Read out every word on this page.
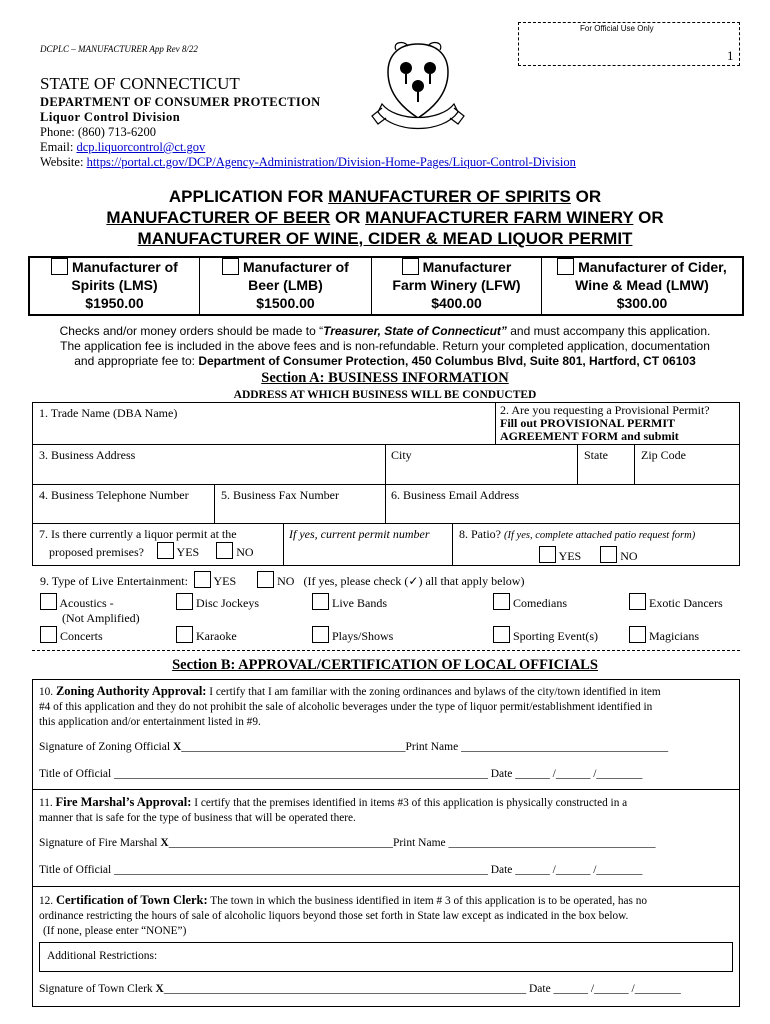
For Official Use Only
DCPLC – MANUFACTURER App Rev 8/22	1
STATE OF CONNECTICUT
DEPARTMENT OF CONSUMER PROTECTION
Liquor Control Division
Phone: (860) 713-6200
Email: dcp.liquorcontrol@ct.gov
Website: https://portal.ct.gov/DCP/Agency-Administration/Division-Home-Pages/Liquor-Control-Division
APPLICATION FOR MANUFACTURER OF SPIRITS OR
MANUFACTURER OF BEER OR MANUFACTURER FARM WINERY OR
MANUFACTURER OF WINE, CIDER & MEAD LIQUOR PERMIT
Manufacturer of
Spirits (LMS)
$1950.00
Manufacturer of
Beer (LMB)
$1500.00
Manufacturer
Farm Winery (LFW)
$400.00
Manufacturer of Cider,
Wine & Mead (LMW)
$300.00
Checks and/or money orders should be made to “Treasurer, State of Connecticut” and must accompany this application.
The application fee is included in the above fees and is non-refundable. Return your completed application, documentation
and appropriate fee to: Department of Consumer Protection, 450 Columbus Blvd, Suite 801, Hartford, CT 06103
Section A: BUSINESS INFORMATION
ADDRESS AT WHICH BUSINESS WILL BE CONDUCTED
1. Trade Name (DBA Name)	2. Are you requesting a Provisional Permit?
Fill out PROVISIONAL PERMIT
AGREEMENT FORM and submit
3. Business Address	City	State	Zip Code
4. Business Telephone Number	5. Business Fax Number	6. Business Email Address
7. Is there currently a liquor permit at the
proposed premises?	YES	NO
If yes, current permit number	8. Patio? (If yes, complete attached patio request form)
YES	NO
9. Type of Live Entertainment: YES	NO (If yes, please check (✓) all that apply below)
Acoustics -
(Not Amplified)
Disc Jockeys	Live Bands	Comedians	Exotic Dancers
Concerts	Karaoke	Plays/Shows	Sporting Event(s)	Magicians
Section B: APPROVAL/CERTIFICATION OF LOCAL OFFICIALS
10. Zoning Authority Approval: I certify that I am familiar with the zoning ordinances and bylaws of the city/town identified in item
#4 of this application and they do not prohibit the sale of alcoholic beverages under the type of liquor permit/establishment identified in
this application and/or entertainment listed in #9.
Signature of Zoning Official X_______________________________________Print Name ____________________________________
Title of Official _________________________________________________________________ Date ______ /______ /________
11. Fire Marshal’s Approval: I certify that the premises identified in items #3 of this application is physically constructed in a
manner that is safe for the type of business that will be operated there.
Signature of Fire Marshal X_______________________________________Print Name ____________________________________
Title of Official _________________________________________________________________ Date ______ /______ /________
12. Certification of Town Clerk: The town in which the business identified in item # 3 of this application is to be operated, has no
ordinance restricting the hours of sale of alcoholic liquors beyond those set forth in State law except as indicated in the box below.
(If none, please enter “NONE”)
Additional Restrictions:
Signature of Town Clerk X_______________________________________________________________ Date ______ /______ /________
